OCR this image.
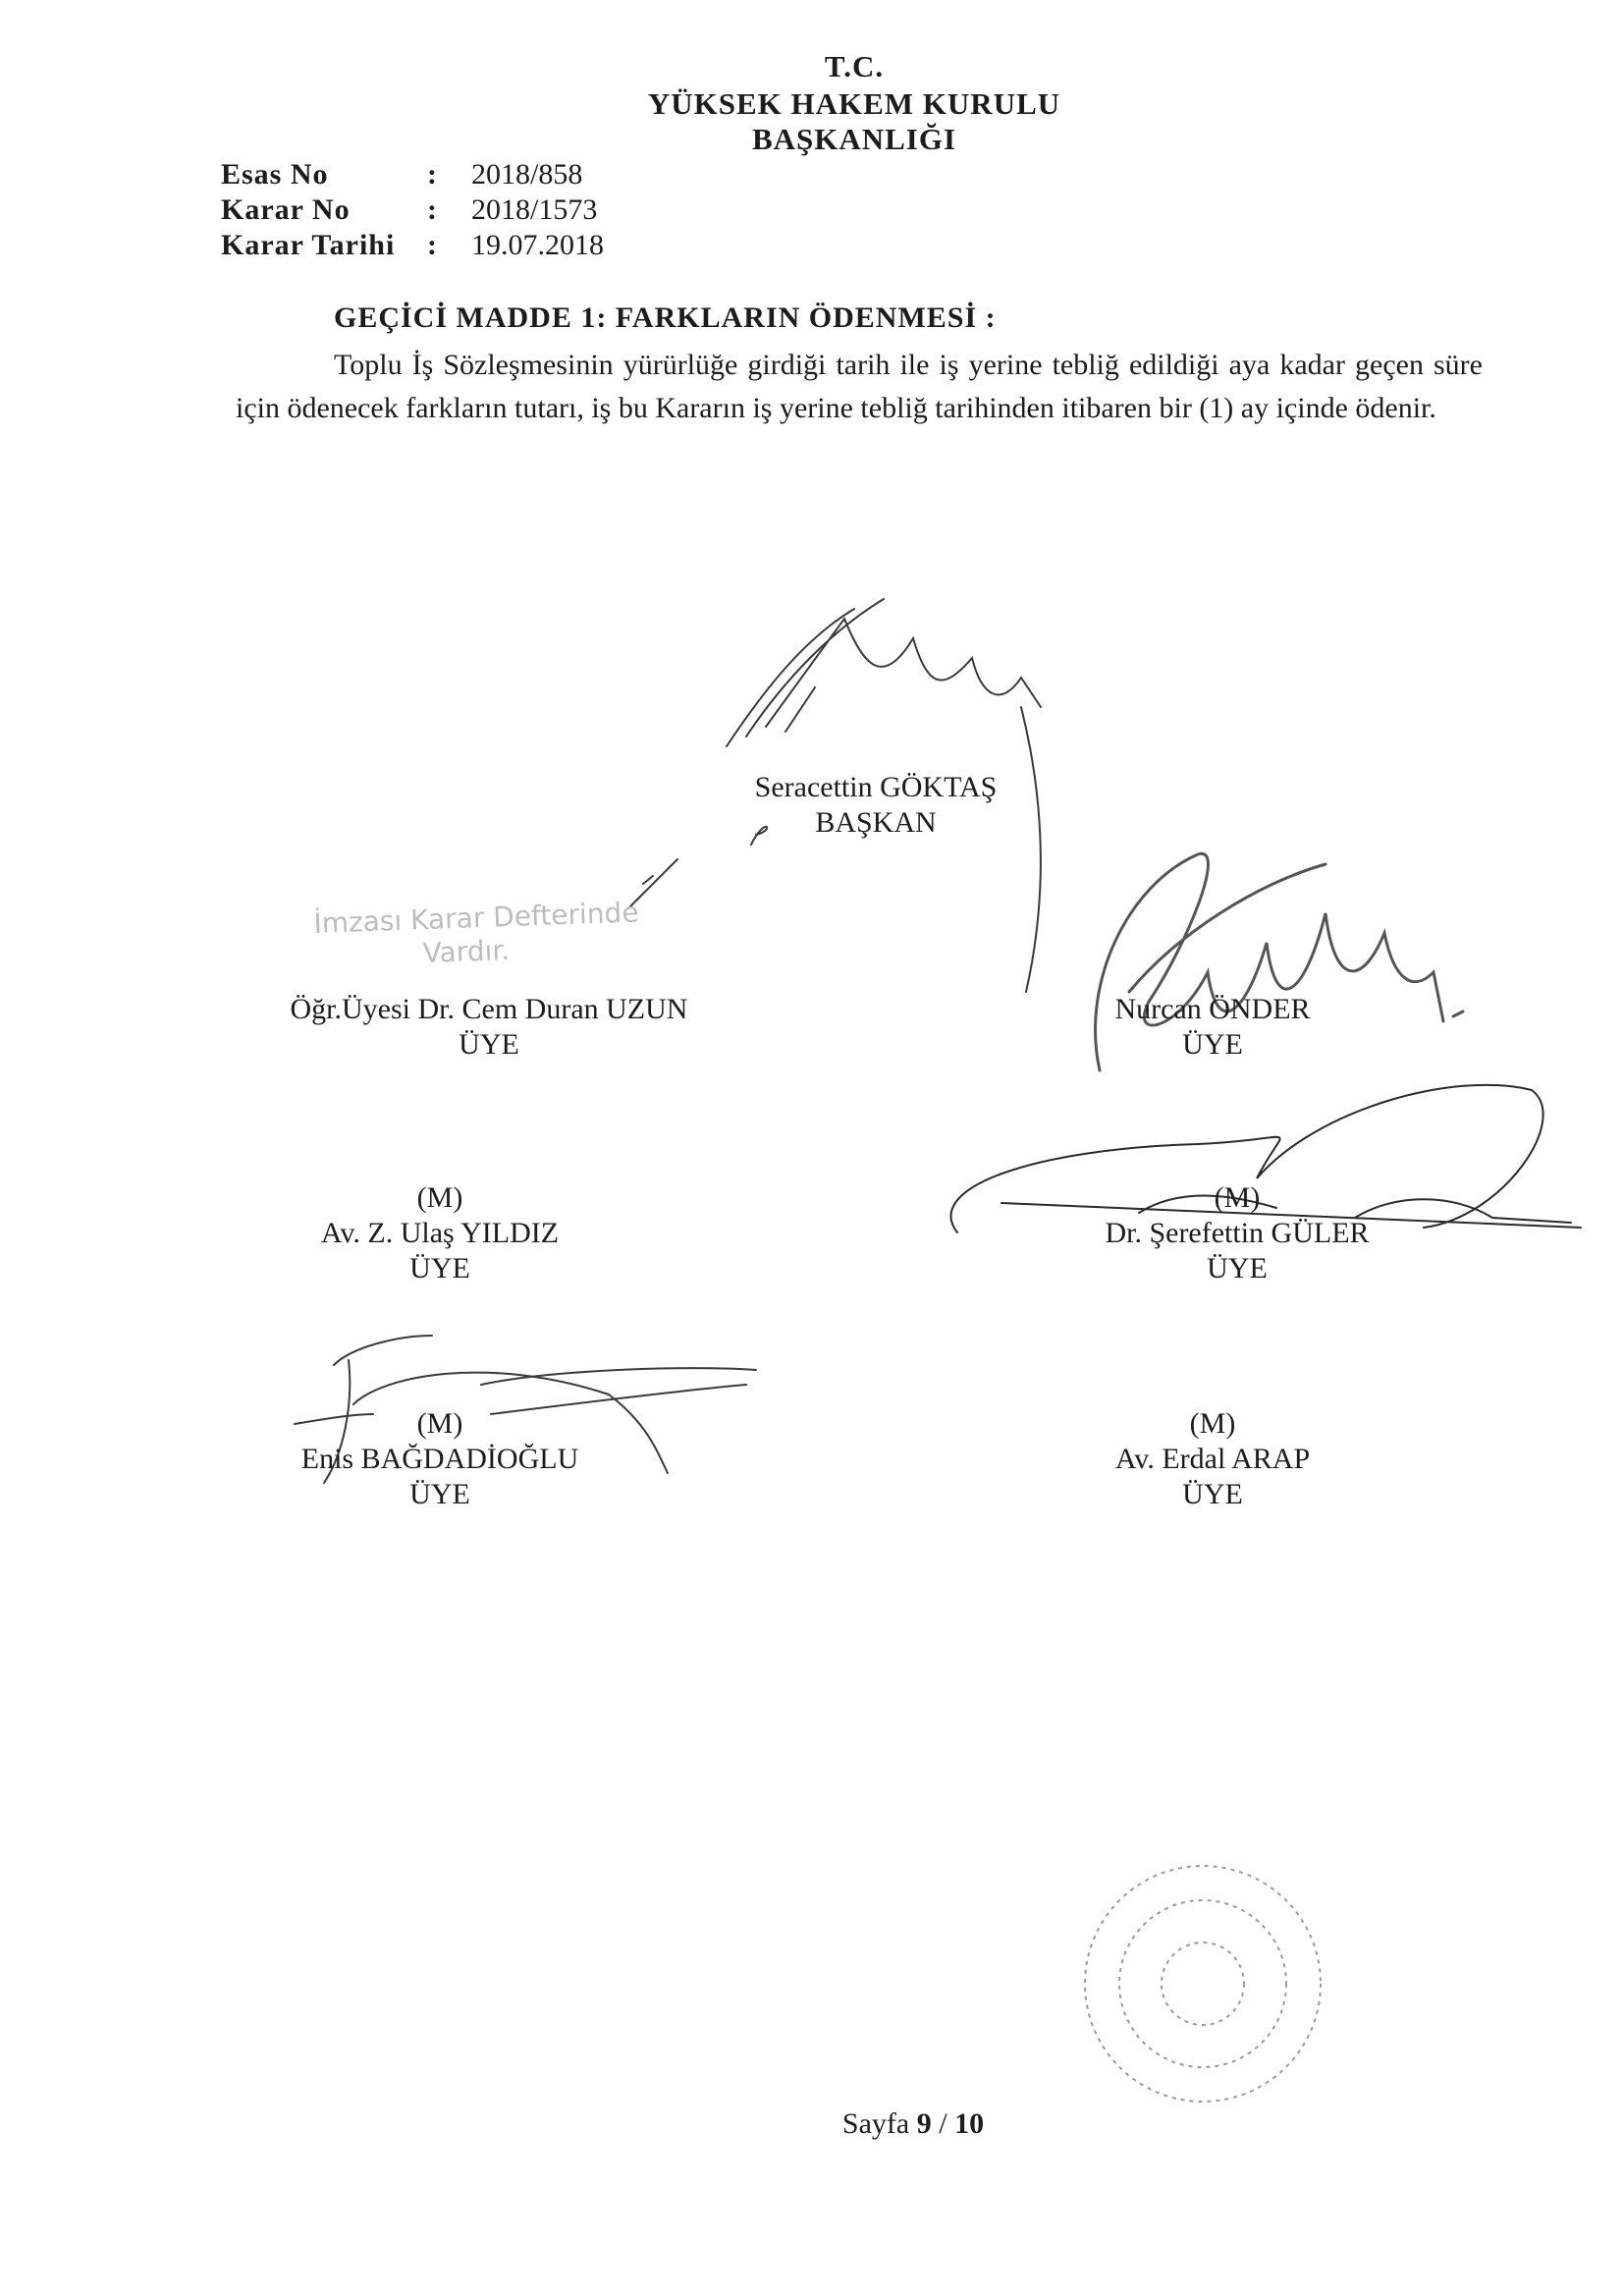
T.C.
YÜKSEK HAKEM KURULU
BAŞKANLIĞI
Esas No	:	2018/858
Karar No	:	2018/1573
Karar Tarihi	:	19.07.2018
GEÇİCİ MADDE 1: FARKLARIN ÖDENMESİ :
Toplu İş Sözleşmesinin yürürlüğe girdiği tarih ile iş yerine tebliğ edildiği aya kadar geçen süre için ödenecek farkların tutarı, iş bu Kararın iş yerine tebliğ tarihinden itibaren bir (1) ay içinde ödenir.
İmzası Karar Defterinde
Vardır.
Seracettin GÖKTAŞ
BAŞKAN
Öğr.Üyesi Dr. Cem Duran UZUN
ÜYE
Nurcan ÖNDER
ÜYE
(M)
Av. Z. Ulaş YILDIZ
ÜYE
(M)
Dr. Şerefettin GÜLER
ÜYE
(M)
Enis BAĞDADİOĞLU
ÜYE
(M)
Av. Erdal ARAP
ÜYE
Sayfa 9 / 10
